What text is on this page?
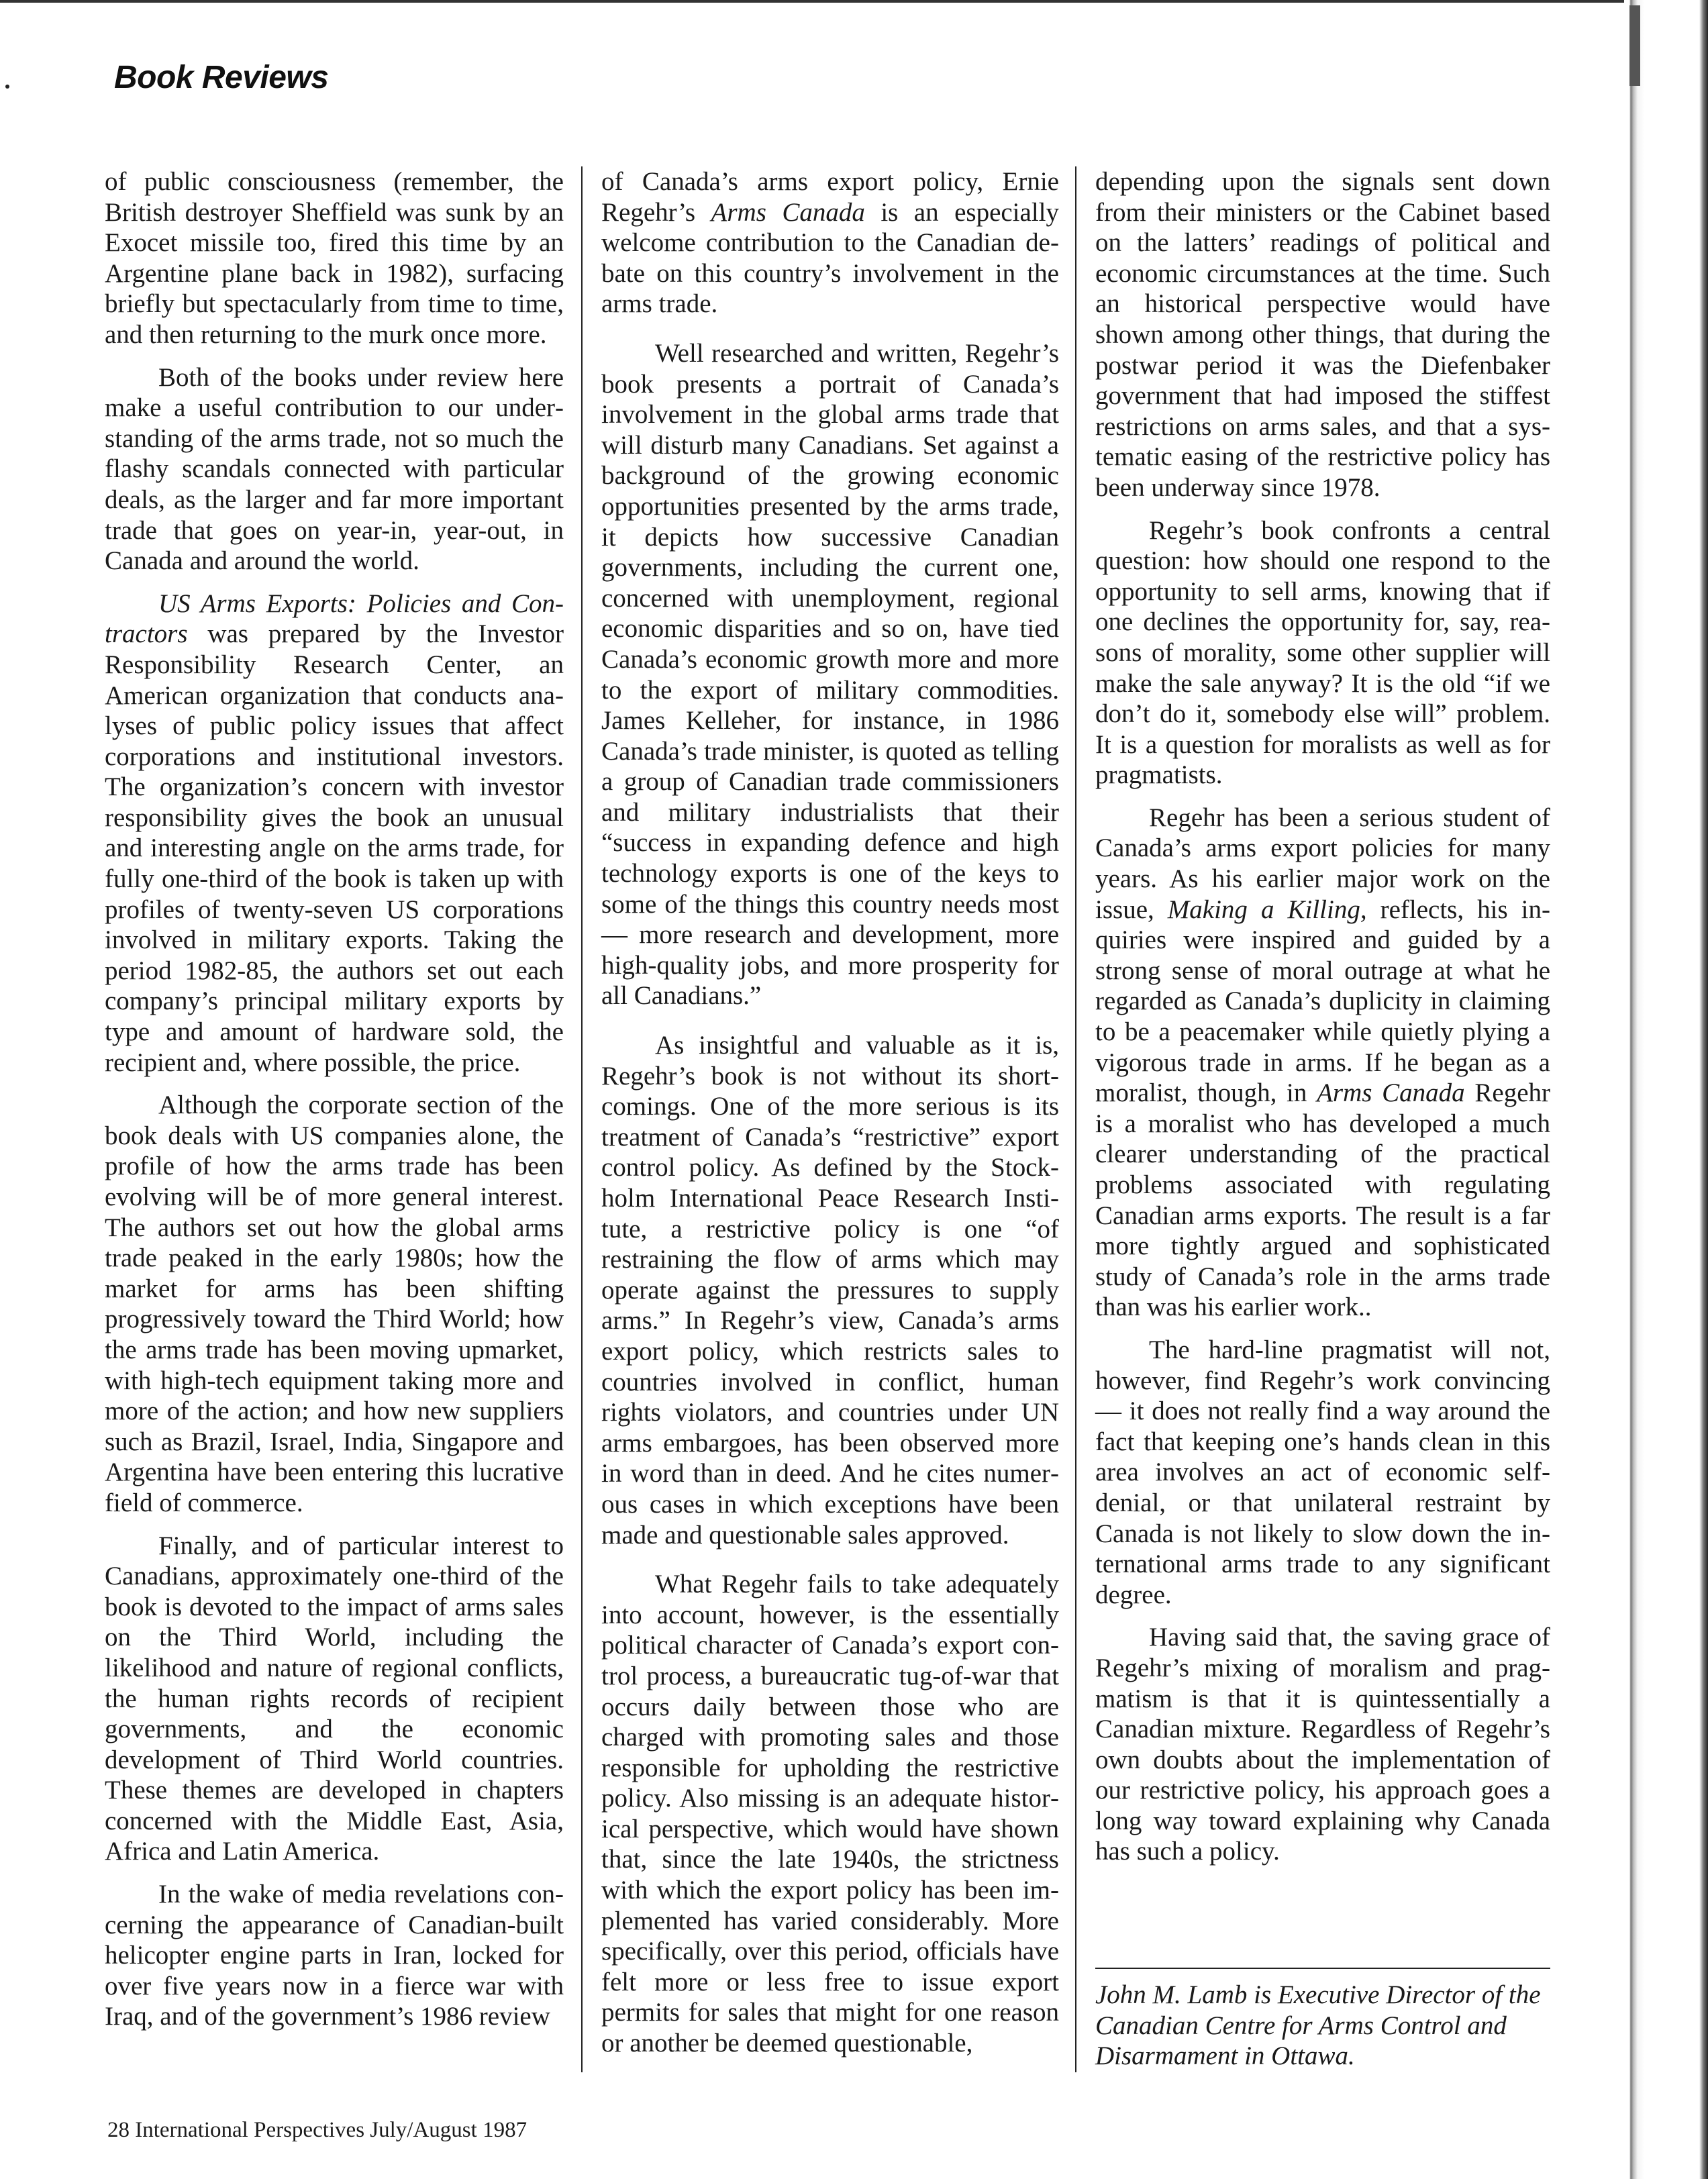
Book Reviews

of public consciousness (remember, the British destroyer Sheffield was sunk by an Exocet missile too, fired this time by an Argentine plane back in 1982), surfacing briefly but spectacularly from time to time, and then returning to the murk once more.

Both of the books under review here make a useful contribution to our understanding of the arms trade, not so much the flashy scandals connected with particular deals, as the larger and far more important trade that goes on year-in, year-out, in Canada and around the world.

US Arms Exports: Policies and Contractors was prepared by the Investor Responsibility Research Center, an American organization that conducts analyses of public policy issues that affect corporations and institutional investors. The organization’s concern with investor responsibility gives the book an unusual and interesting angle on the arms trade, for fully one-third of the book is taken up with profiles of twenty-seven US corporations involved in military exports. Taking the period 1982-85, the authors set out each company’s principal military exports by type and amount of hardware sold, the recipient and, where possible, the price.

Although the corporate section of the book deals with US companies alone, the profile of how the arms trade has been evolving will be of more general interest. The authors set out how the global arms trade peaked in the early 1980s; how the market for arms has been shifting progressively toward the Third World; how the arms trade has been moving upmarket, with high-tech equipment taking more and more of the action; and how new suppliers such as Brazil, Israel, India, Singapore and Argentina have been entering this lucrative field of commerce.

Finally, and of particular interest to Canadians, approximately one-third of the book is devoted to the impact of arms sales on the Third World, including the likelihood and nature of regional conflicts, the human rights records of recipient governments, and the economic development of Third World countries. These themes are developed in chapters concerned with the Middle East, Asia, Africa and Latin America.

In the wake of media revelations concerning the appearance of Canadian-built helicopter engine parts in Iran, locked for over five years now in a fierce war with Iraq, and of the government’s 1986 review

of Canada’s arms export policy, Ernie Regehr’s Arms Canada is an especially welcome contribution to the Canadian debate on this country’s involvement in the arms trade.

Well researched and written, Regehr’s book presents a portrait of Canada’s involvement in the global arms trade that will disturb many Canadians. Set against a background of the growing economic opportunities presented by the arms trade, it depicts how successive Canadian governments, including the current one, concerned with unemployment, regional economic disparities and so on, have tied Canada’s economic growth more and more to the export of military commodities. James Kelleher, for instance, in 1986 Canada’s trade minister, is quoted as telling a group of Canadian trade commissioners and military industrialists that their “success in expanding defence and high technology exports is one of the keys to some of the things this country needs most — more research and development, more high-quality jobs, and more prosperity for all Canadians.”

As insightful and valuable as it is, Regehr’s book is not without its shortcomings. One of the more serious is its treatment of Canada’s “restrictive” export control policy. As defined by the Stockholm International Peace Research Institute, a restrictive policy is one “of restraining the flow of arms which may operate against the pressures to supply arms.” In Regehr’s view, Canada’s arms export policy, which restricts sales to countries involved in conflict, human rights violators, and countries under UN arms embargoes, has been observed more in word than in deed. And he cites numerous cases in which exceptions have been made and questionable sales approved.

What Regehr fails to take adequately into account, however, is the essentially political character of Canada’s export control process, a bureaucratic tug-of-war that occurs daily between those who are charged with promoting sales and those responsible for upholding the restrictive policy. Also missing is an adequate historical perspective, which would have shown that, since the late 1940s, the strictness with which the export policy has been implemented has varied considerably. More specifically, over this period, officials have felt more or less free to issue export permits for sales that might for one reason or another be deemed questionable,

depending upon the signals sent down from their ministers or the Cabinet based on the latters’ readings of political and economic circumstances at the time. Such an historical perspective would have shown among other things, that during the postwar period it was the Diefenbaker government that had imposed the stiffest restrictions on arms sales, and that a systematic easing of the restrictive policy has been underway since 1978.

Regehr’s book confronts a central question: how should one respond to the opportunity to sell arms, knowing that if one declines the opportunity for, say, reasons of morality, some other supplier will make the sale anyway? It is the old “if we don’t do it, somebody else will” problem. It is a question for moralists as well as for pragmatists.

Regehr has been a serious student of Canada’s arms export policies for many years. As his earlier major work on the issue, Making a Killing, reflects, his inquiries were inspired and guided by a strong sense of moral outrage at what he regarded as Canada’s duplicity in claiming to be a peacemaker while quietly plying a vigorous trade in arms. If he began as a moralist, though, in Arms Canada Regehr is a moralist who has developed a much clearer understanding of the practical problems associated with regulating Canadian arms exports. The result is a far more tightly argued and sophisticated study of Canada’s role in the arms trade than was his earlier work..

The hard-line pragmatist will not, however, find Regehr’s work convincing — it does not really find a way around the fact that keeping one’s hands clean in this area involves an act of economic self-denial, or that unilateral restraint by Canada is not likely to slow down the international arms trade to any significant degree.

Having said that, the saving grace of Regehr’s mixing of moralism and pragmatism is that it is quintessentially a Canadian mixture. Regardless of Regehr’s own doubts about the implementation of our restrictive policy, his approach goes a long way toward explaining why Canada has such a policy.

John M. Lamb is Executive Director of the Canadian Centre for Arms Control and Disarmament in Ottawa.
28 International Perspectives July/August 1987
